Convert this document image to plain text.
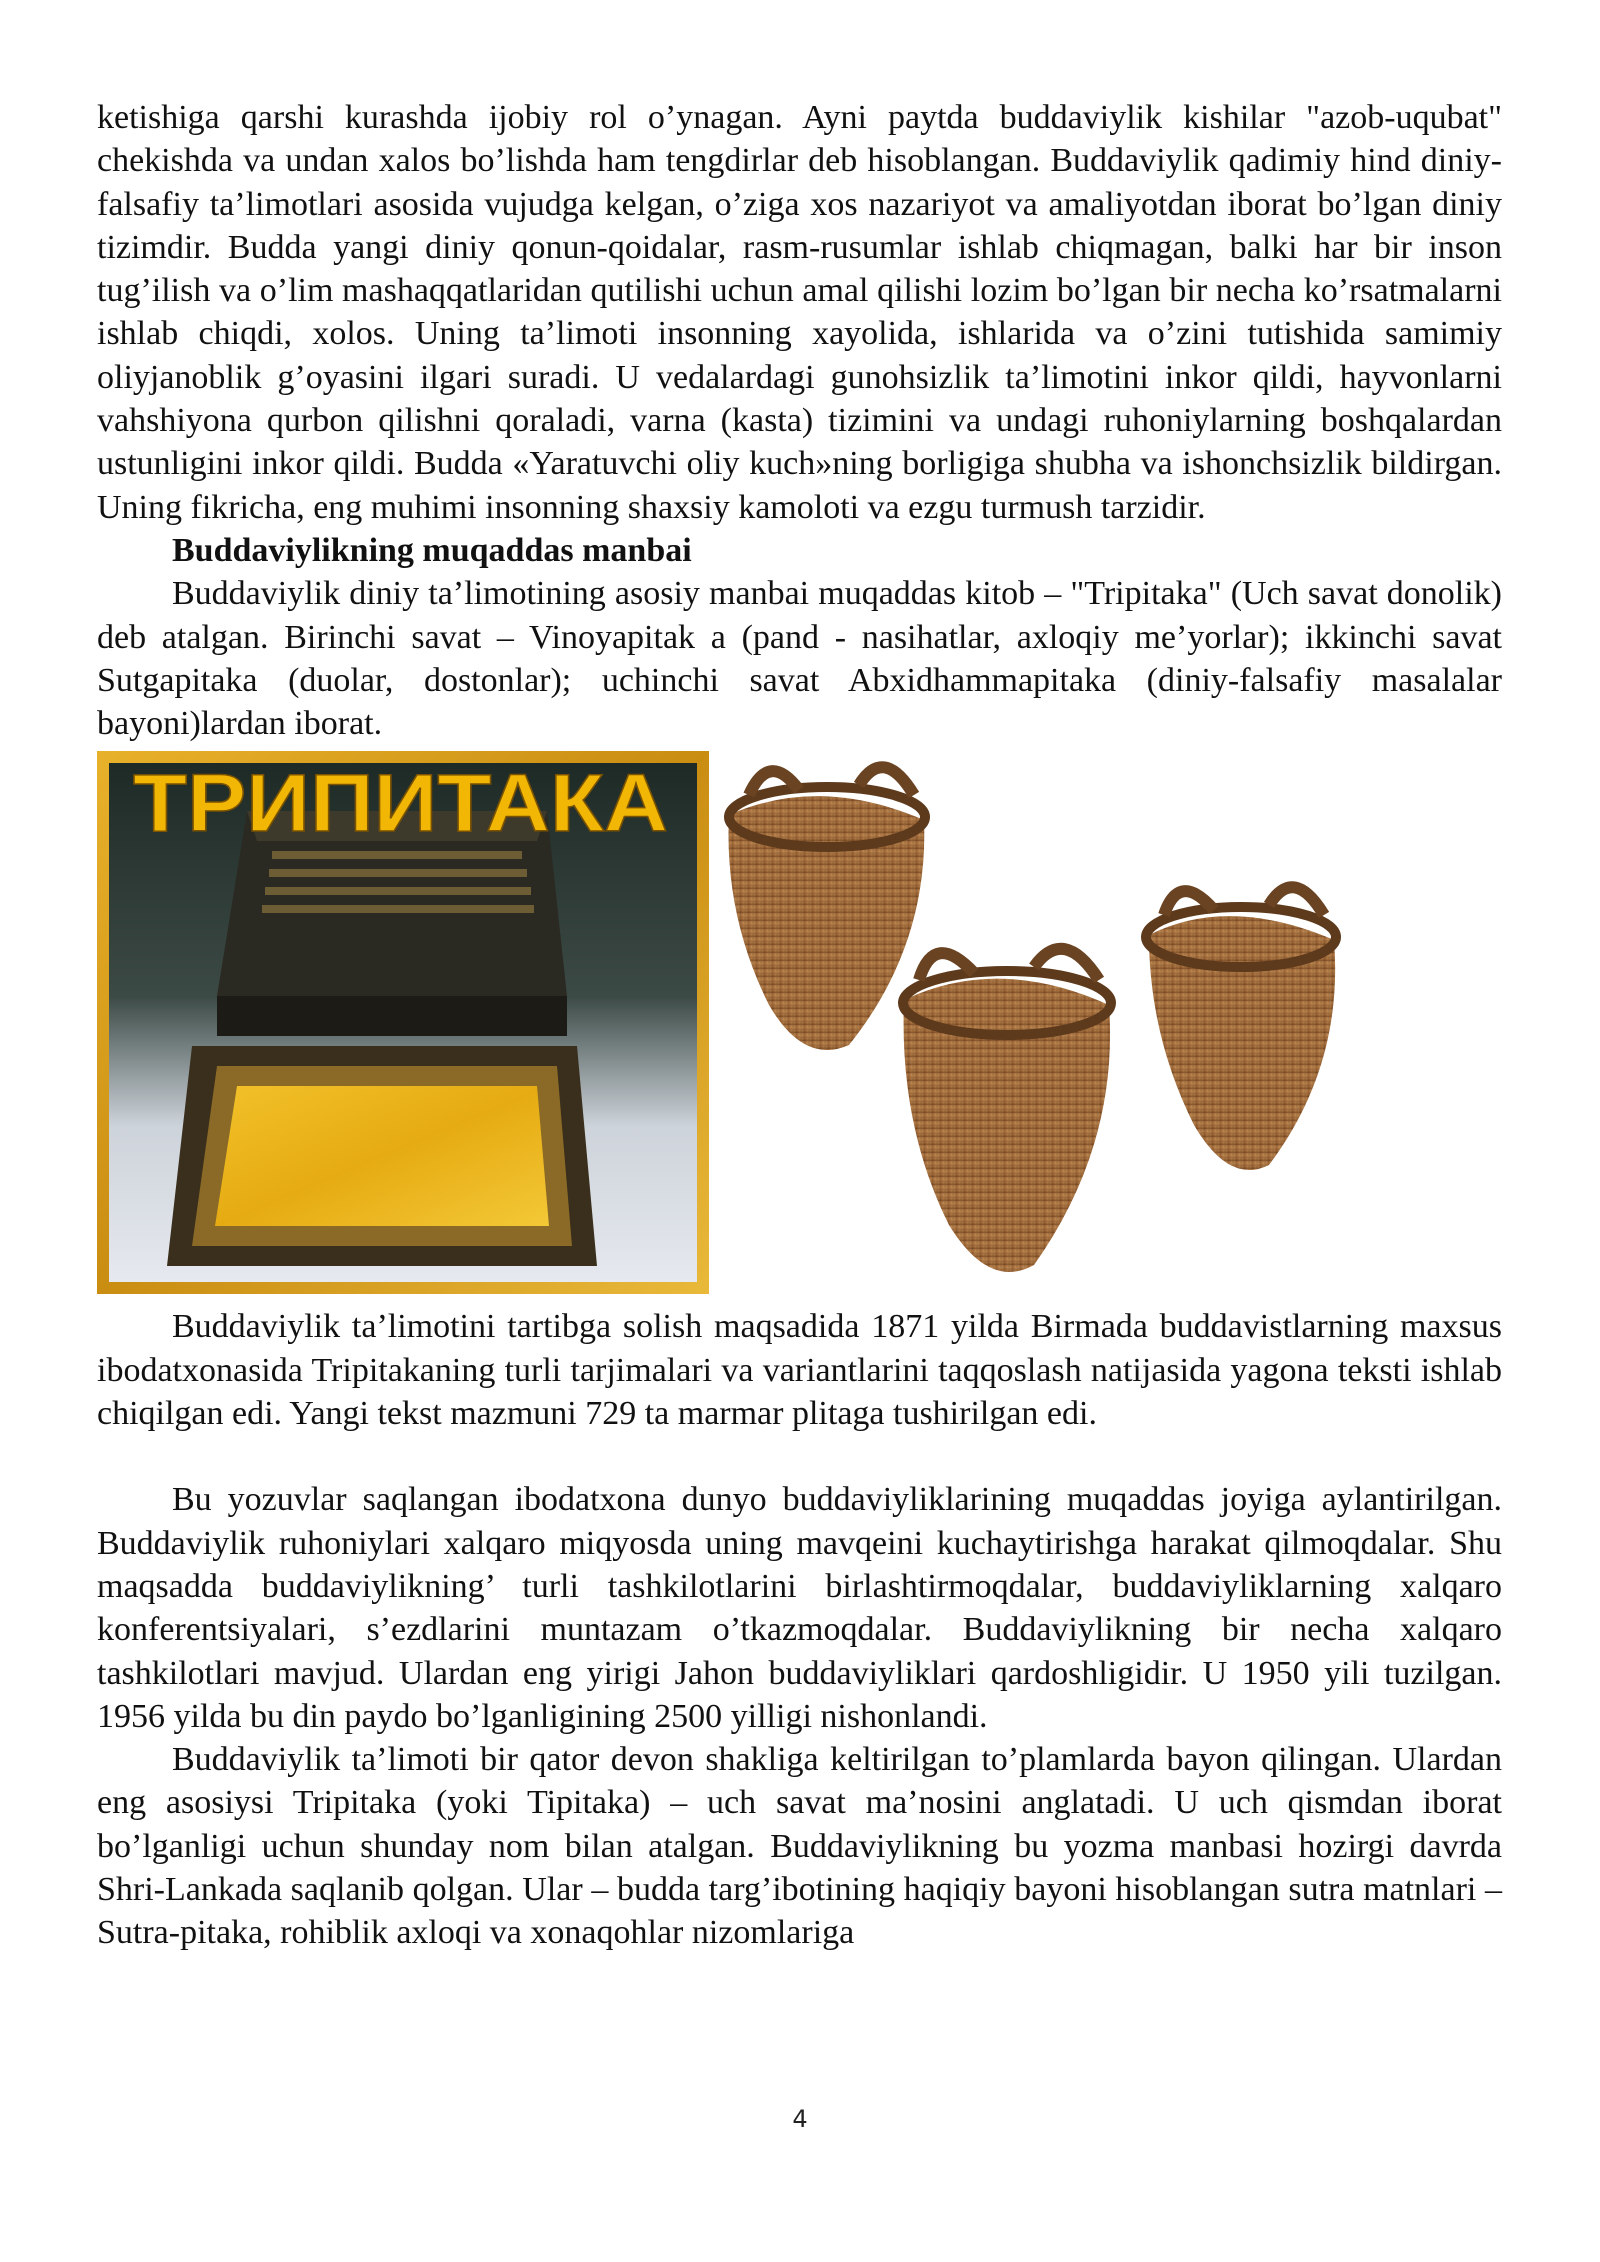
ketishiga qarshi kurashda ijobiy rol o’ynagan. Ayni paytda buddaviylik kishilar "azob-uqubat" chekishda va undan xalos bo’lishda ham tengdirlar deb hisoblangan. Buddaviylik qadimiy hind diniy-falsafiy ta’limotlari asosida vujudga kelgan, o’ziga xos nazariyot va amaliyotdan iborat bo’lgan diniy tizimdir. Budda yangi diniy qonun-qoidalar, rasm-rusumlar ishlab chiqmagan, balki har bir inson tug’ilish va o’lim mashaqqatlaridan qutilishi uchun amal qilishi lozim bo’lgan bir necha ko’rsatmalarni ishlab chiqdi, xolos. Uning ta’limoti insonning xayolida, ishlarida va o’zini tutishida samimiy oliyjanoblik g’oyasini ilgari suradi. U vedalardagi gunohsizlik ta’limotini inkor qildi, hayvonlarni vahshiyona qurbon qilishni qoraladi, varna (kasta) tizimini va undagi ruhoniylarning boshqalardan ustunligini inkor qildi. Budda «Yaratuvchi oliy kuch»ning borligiga shubha va ishonchsizlik bildirgan. Uning fikricha, eng muhimi insonning shaxsiy kamoloti va ezgu turmush tarzidir.

Buddaviylikning muqaddas manbai

Buddaviylik diniy ta’limotining asosiy manbai muqaddas kitob – "Tripitaka" (Uch savat donolik) deb atalgan. Birinchi savat – Vinoyapitak a (pand - nasihatlar, axloqiy me’yorlar); ikkinchi savat Sutgapitaka (duolar, dostonlar); uchinchi savat Abxidhammapitaka (diniy-falsafiy masalalar bayoni)lardan iborat.

ТРИПИТАКА

Buddaviylik ta’limotini tartibga solish maqsadida 1871 yilda Birmada buddavistlarning maxsus ibodatxonasida Tripitakaning turli tarjimalari va variantlarini taqqoslash natijasida yagona teksti ishlab chiqilgan edi. Yangi tekst mazmuni 729 ta marmar plitaga tushirilgan edi.

Bu yozuvlar saqlangan ibodatxona dunyo buddaviyliklarining muqaddas joyiga aylantirilgan. Buddaviylik ruhoniylari xalqaro miqyosda uning mavqeini kuchaytirishga harakat qilmoqdalar. Shu maqsadda buddaviylikning’ turli tashkilotlarini birlashtirmoqdalar, buddaviyliklarning xalqaro konferentsiyalari, s’ezdlarini muntazam o’tkazmoqdalar. Buddaviylikning bir necha xalqaro tashkilotlari mavjud. Ulardan eng yirigi Jahon buddaviyliklari qardoshligidir. U 1950 yili tuzilgan. 1956 yilda bu din paydo bo’lganligining 2500 yilligi nishonlandi.

Buddaviylik ta’limoti bir qator devon shakliga keltirilgan to’plamlarda bayon qilingan. Ulardan eng asosiysi Tripitaka (yoki Tipitaka) – uch savat ma’nosini anglatadi. U uch qismdan iborat bo’lganligi uchun shunday nom bilan atalgan. Buddaviylikning bu yozma manbasi hozirgi davrda Shri-Lankada saqlanib qolgan. Ular – budda targ’ibotining haqiqiy bayoni hisoblangan sutra matnlari – Sutra-pitaka, rohiblik axloqi va xonaqohlar nizomlariga

4
